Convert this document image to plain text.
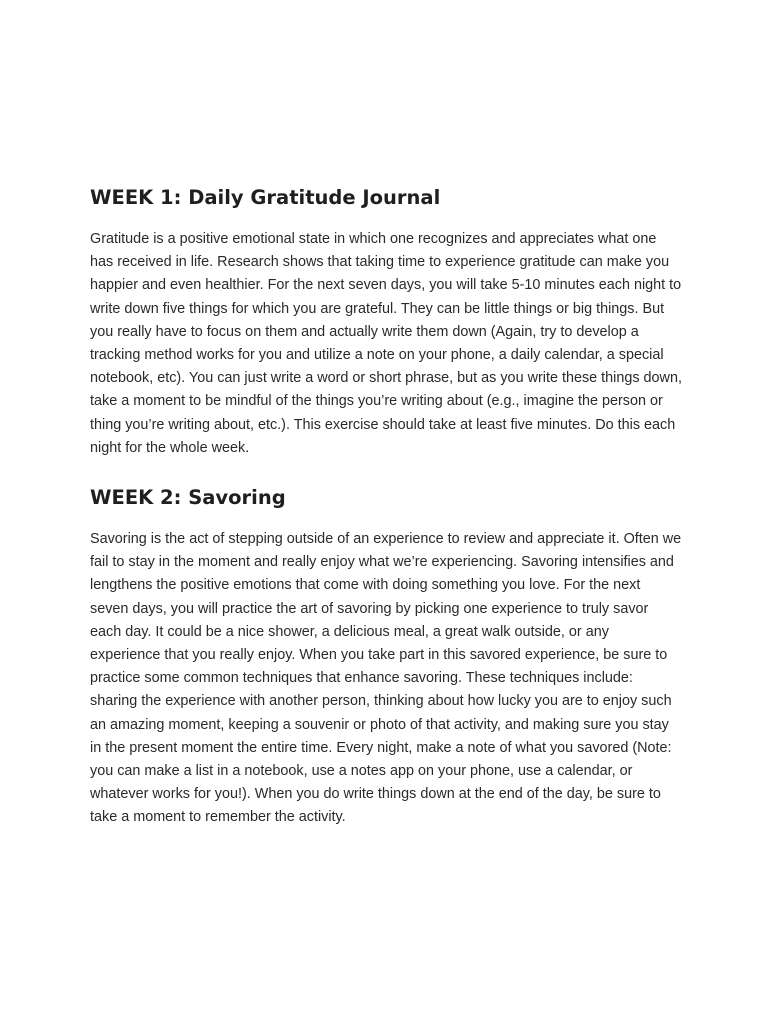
WEEK 1: Daily Gratitude Journal

Gratitude is a positive emotional state in which one recognizes and appreciates what one has received in life. Research shows that taking time to experience gratitude can make you happier and even healthier. For the next seven days, you will take 5-10 minutes each night to write down five things for which you are grateful. They can be little things or big things. But you really have to focus on them and actually write them down (Again, try to develop a tracking method works for you and utilize a note on your phone, a daily calendar, a special notebook, etc). You can just write a word or short phrase, but as you write these things down, take a moment to be mindful of the things you’re writing about (e.g., imagine the person or thing you’re writing about, etc.). This exercise should take at least five minutes. Do this each night for the whole week.

WEEK 2: Savoring

Savoring is the act of stepping outside of an experience to review and appreciate it. Often we fail to stay in the moment and really enjoy what we’re experiencing. Savoring intensifies and lengthens the positive emotions that come with doing something you love. For the next seven days, you will practice the art of savoring by picking one experience to truly savor each day. It could be a nice shower, a delicious meal, a great walk outside, or any experience that you really enjoy. When you take part in this savored experience, be sure to practice some common techniques that enhance savoring. These techniques include: sharing the experience with another person, thinking about how lucky you are to enjoy such an amazing moment, keeping a souvenir or photo of that activity, and making sure you stay in the present moment the entire time. Every night, make a note of what you savored (Note: you can make a list in a notebook, use a notes app on your phone, use a calendar, or whatever works for you!). When you do write things down at the end of the day, be sure to take a moment to remember the activity.
